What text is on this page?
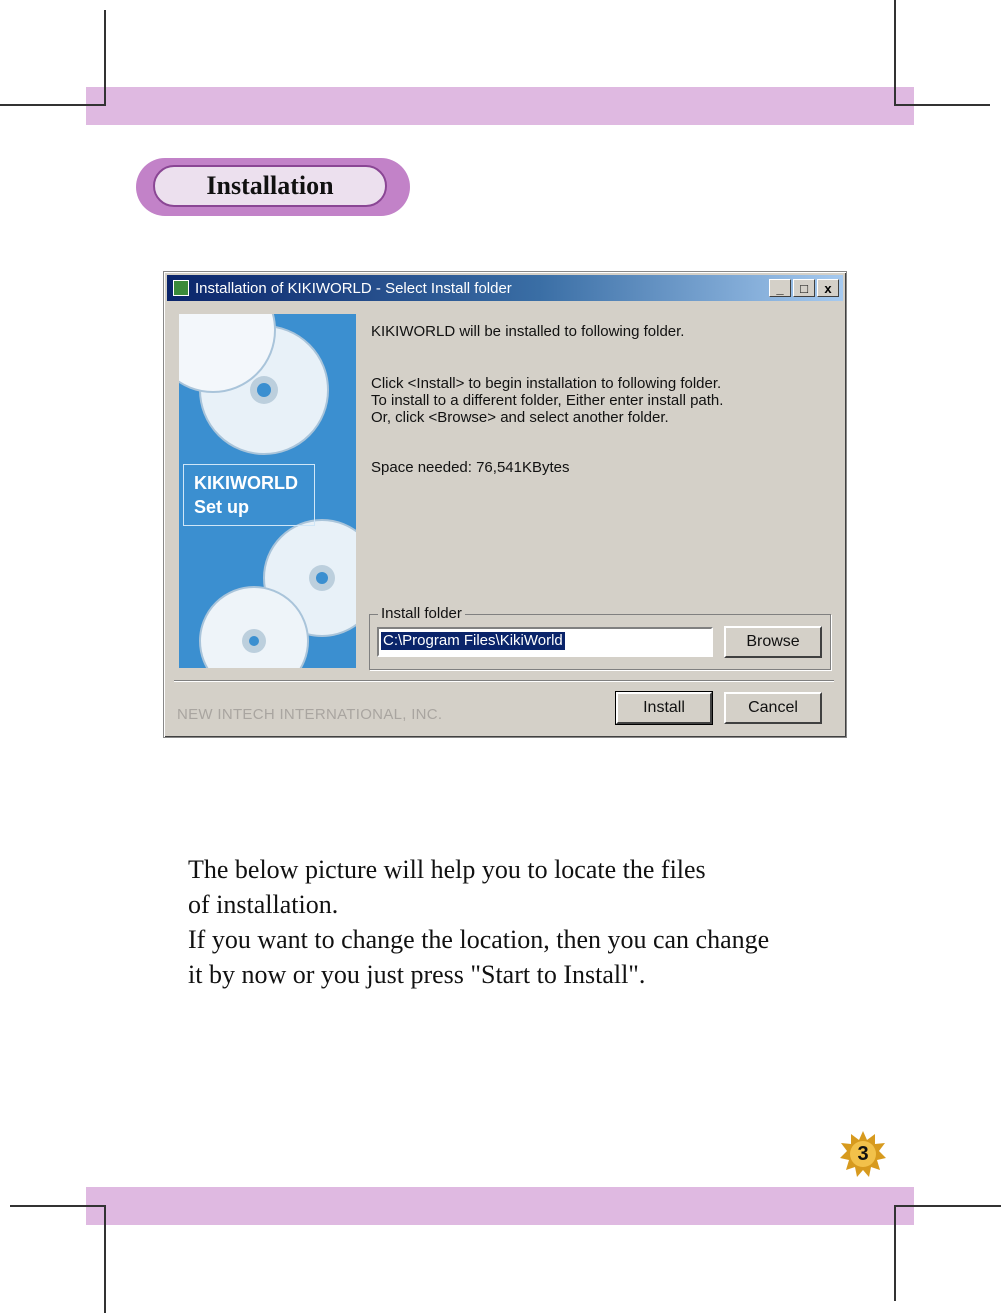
Installation
Installation of KIKIWORLD - Select Install folder	_	□	x
KIKIWORLD
Set up
KIKIWORLD will be installed to following folder.
Click <Install> to begin installation to following folder.
To install to a different folder, Either enter install path.
Or, click <Browse> and select another folder.
Space needed: 76,541KBytes
Install folder
C:\Program Files\KikiWorld	Browse
NEW INTECH INTERNATIONAL, INC.	Install	Cancel
The below picture will help you to locate the files
of installation.
If you want to change the location, then you can change
it by now or you just press "Start to Install".
3
